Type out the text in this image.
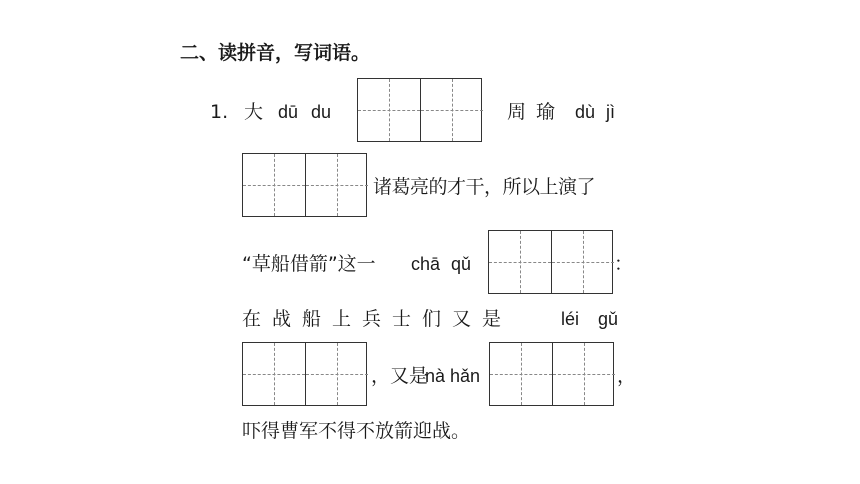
二、读拼音，写词语。
1. 大 dū du	周瑜 dù jì
诸葛亮的才干，所以上演了
“草船借箭”这一 chā qǔ	：
在战船上兵士们又是	léi gǔ
，又是
nà hǎn	，
吓得曹军不得不放箭迎战。
